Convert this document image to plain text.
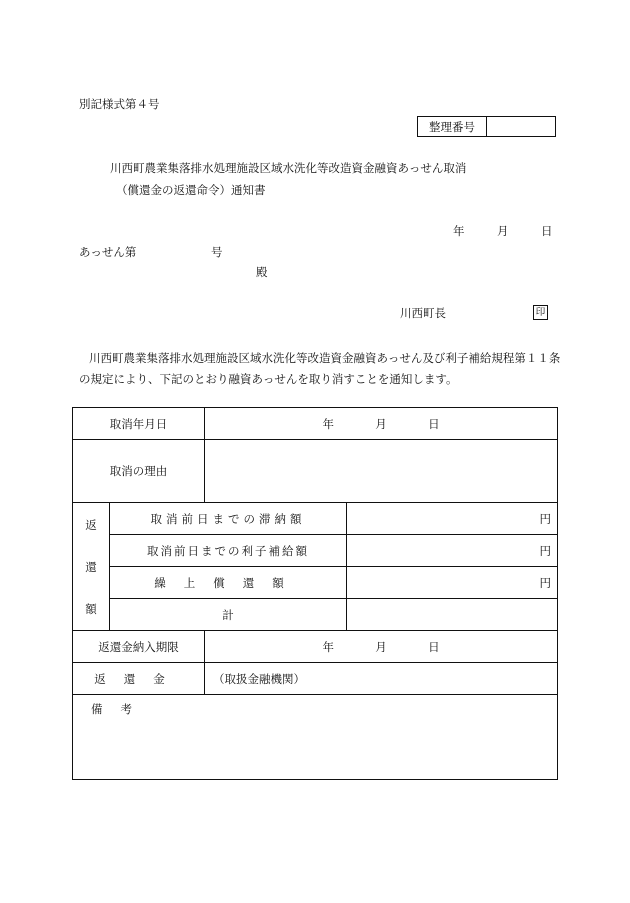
別記様式第４号
整理番号	
川西町農業集落排水処理施設区域水洗化等改造資金融資あっせん取消
（償還金の返還命令）通知書
年	月	日
あっせん第	号
殿
川西町長	印
川西町農業集落排水処理施設区域水洗化等改造資金融資あっせん及び利子補給規程第１１条
の規定により、下記のとおり融資あっせんを取り消すことを通知します。
取消年月日		年 月 日	
取消の理由			

返
還
額	取消前日までの滞納額		円
	取消前日までの利子補給額		円
	繰上償還額		円
	計		
返還金納入期限		年 月 日	
返還金		（取扱金融機関）	
備考			
